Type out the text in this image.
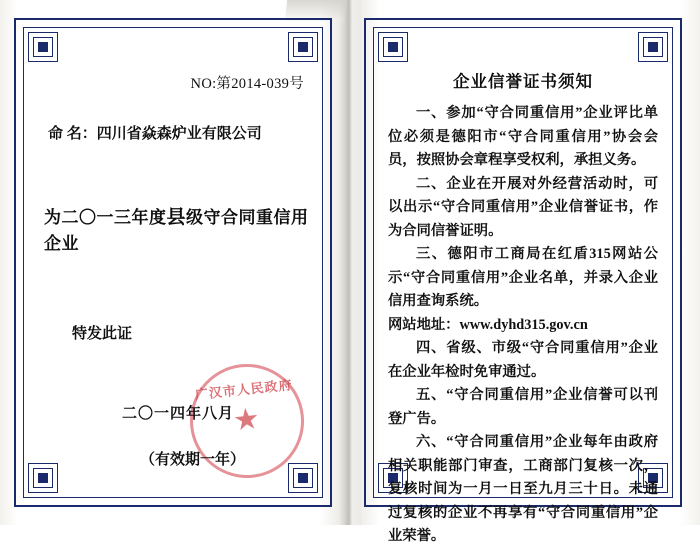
NO:第2014-039号
命 名：四川省焱森炉业有限公司
为二〇一三年度县级守合同重信用企业
特发此证
广汉市人民政府
★
二〇一四年八月
（有效期一年）
企业信誉证书须知

一、参加“守合同重信用”企业评比单位必须是德阳市“守合同重信用”协会会员，按照协会章程享受权利，承担义务。

二、企业在开展对外经营活动时，可以出示“守合同重信用”企业信誉证书，作为合同信誉证明。

三、德阳市工商局在红盾315网站公示“守合同重信用”企业名单，并录入企业信用查询系统。

网站地址：www.dyhd315.gov.cn

四、省级、市级“守合同重信用”企业在企业年检时免审通过。

五、“守合同重信用”企业信誉可以刊登广告。

六、“守合同重信用”企业每年由政府相关职能部门审查，工商部门复核一次，复核时间为一月一日至九月三十日。未通过复核的企业不再享有“守合同重信用”企业荣誉。
